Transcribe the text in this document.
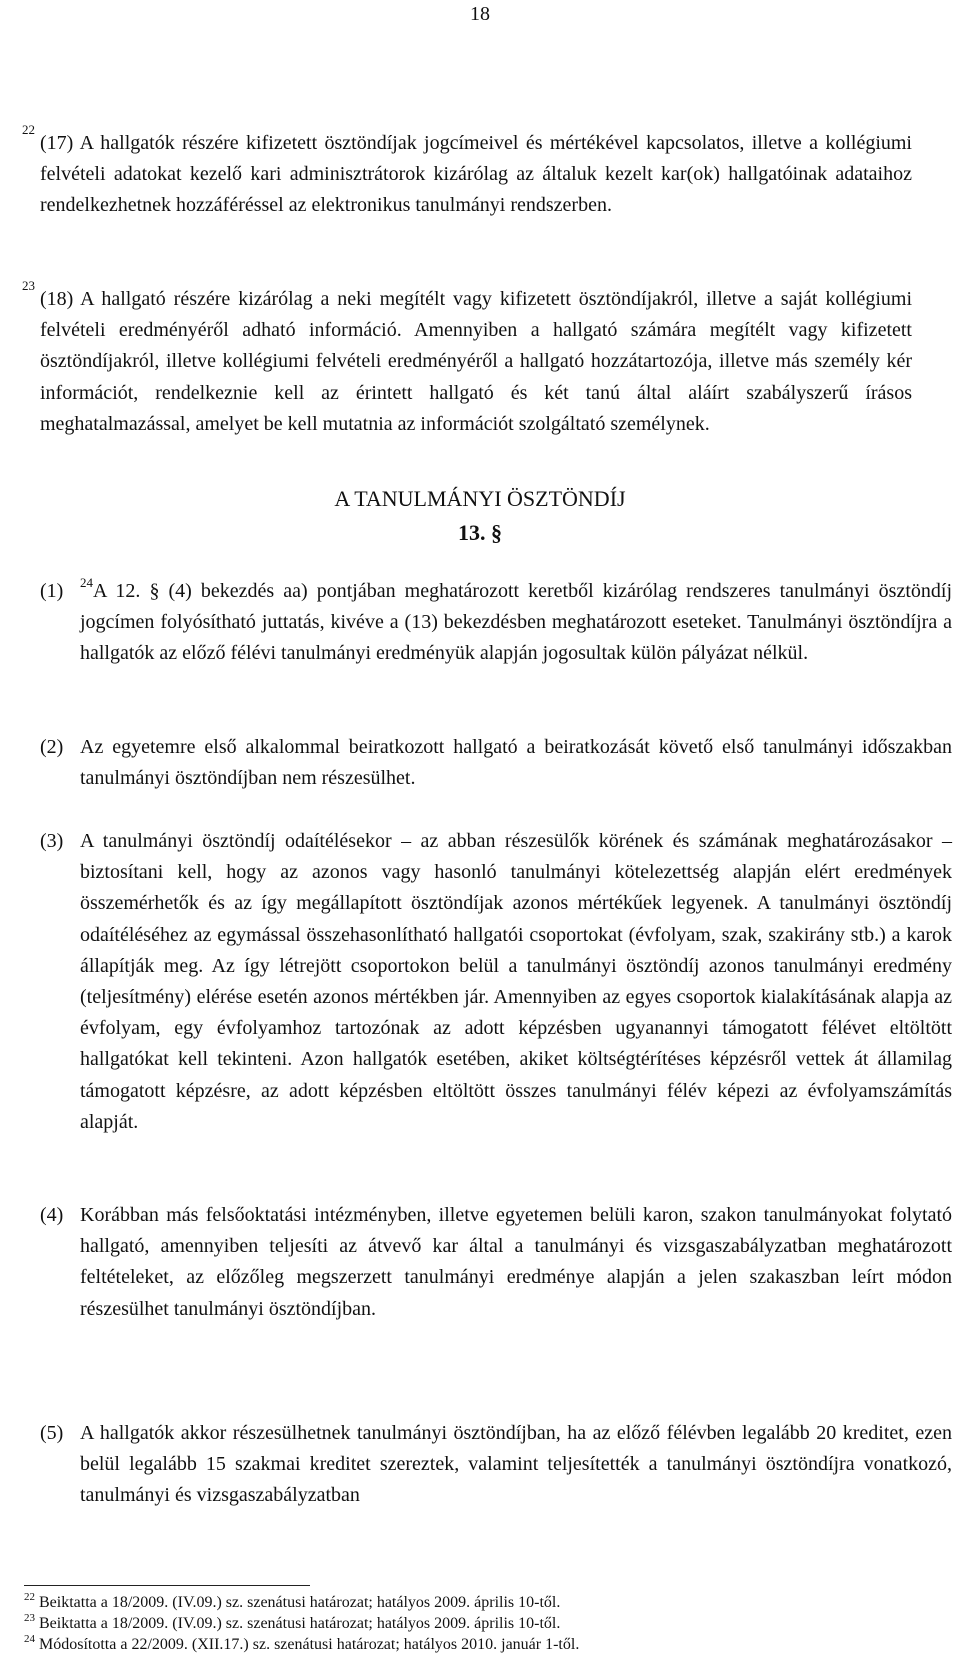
18
22
(17) A hallgatók részére kifizetett ösztöndíjak jogcímeivel és mértékével kapcsolatos, illetve a kollégiumi felvételi adatokat kezelő kari adminisztrátorok kizárólag az általuk kezelt kar(ok) hallgatóinak adataihoz rendelkezhetnek hozzáféréssel az elektronikus tanulmányi rendszerben.
23
(18) A hallgató részére kizárólag a neki megítélt vagy kifizetett ösztöndíjakról, illetve a saját kollégiumi felvételi eredményéről adható információ. Amennyiben a hallgató számára megítélt vagy kifizetett ösztöndíjakról, illetve kollégiumi felvételi eredményéről a hallgató hozzátartozója, illetve más személy kér információt, rendelkeznie kell az érintett hallgató és két tanú által aláírt szabályszerű írásos meghatalmazással, amelyet be kell mutatnia az információt szolgáltató személynek.
A TANULMÁNYI ÖSZTÖNDÍJ
13. §
(1) $^{24}$A 12. § (4) bekezdés aa) pontjában meghatározott keretből kizárólag rendszeres tanulmányi ösztöndíj jogcímen folyósítható juttatás, kivéve a (13) bekezdésben meghatározott eseteket. Tanulmányi ösztöndíjra a hallgatók az előző félévi tanulmányi eredményük alapján jogosultak külön pályázat nélkül.
(2) Az egyetemre első alkalommal beiratkozott hallgató a beiratkozását követő első tanulmányi időszakban tanulmányi ösztöndíjban nem részesülhet.
(3) A tanulmányi ösztöndíj odaítélésekor – az abban részesülők körének és számának meghatározásakor – biztosítani kell, hogy az azonos vagy hasonló tanulmányi kötelezettség alapján elért eredmények összemérhetők és az így megállapított ösztöndíjak azonos mértékűek legyenek. A tanulmányi ösztöndíj odaítéléséhez az egymással összehasonlítható hallgatói csoportokat (évfolyam, szak, szakirány stb.) a karok állapítják meg. Az így létrejött csoportokon belül a tanulmányi ösztöndíj azonos tanulmányi eredmény (teljesítmény) elérése esetén azonos mértékben jár. Amennyiben az egyes csoportok kialakításának alapja az évfolyam, egy évfolyamhoz tartozónak az adott képzésben ugyanannyi támogatott félévet eltöltött hallgatókat kell tekinteni. Azon hallgatók esetében, akiket költségtérítéses képzésről vettek át államilag támogatott képzésre, az adott képzésben eltöltött összes tanulmányi félév képezi az évfolyamszámítás alapját.
(4) Korábban más felsőoktatási intézményben, illetve egyetemen belüli karon, szakon tanulmányokat folytató hallgató, amennyiben teljesíti az átvevő kar által a tanulmányi és vizsgaszabályzatban meghatározott feltételeket, az előzőleg megszerzett tanulmányi eredménye alapján a jelen szakaszban leírt módon részesülhet tanulmányi ösztöndíjban.
(5) A hallgatók akkor részesülhetnek tanulmányi ösztöndíjban, ha az előző félévben legalább 20 kreditet, ezen belül legalább 15 szakmai kreditet szereztek, valamint teljesítették a tanulmányi ösztöndíjra vonatkozó, tanulmányi és vizsgaszabályzatban
$^{22}$ Beiktatta a 18/2009. (IV.09.) sz. szenátusi határozat; hatályos 2009. április 10-től.
$^{23}$ Beiktatta a 18/2009. (IV.09.) sz. szenátusi határozat; hatályos 2009. április 10-től.
$^{24}$ Módosította a 22/2009. (XII.17.) sz. szenátusi határozat; hatályos 2010. január 1-től.
